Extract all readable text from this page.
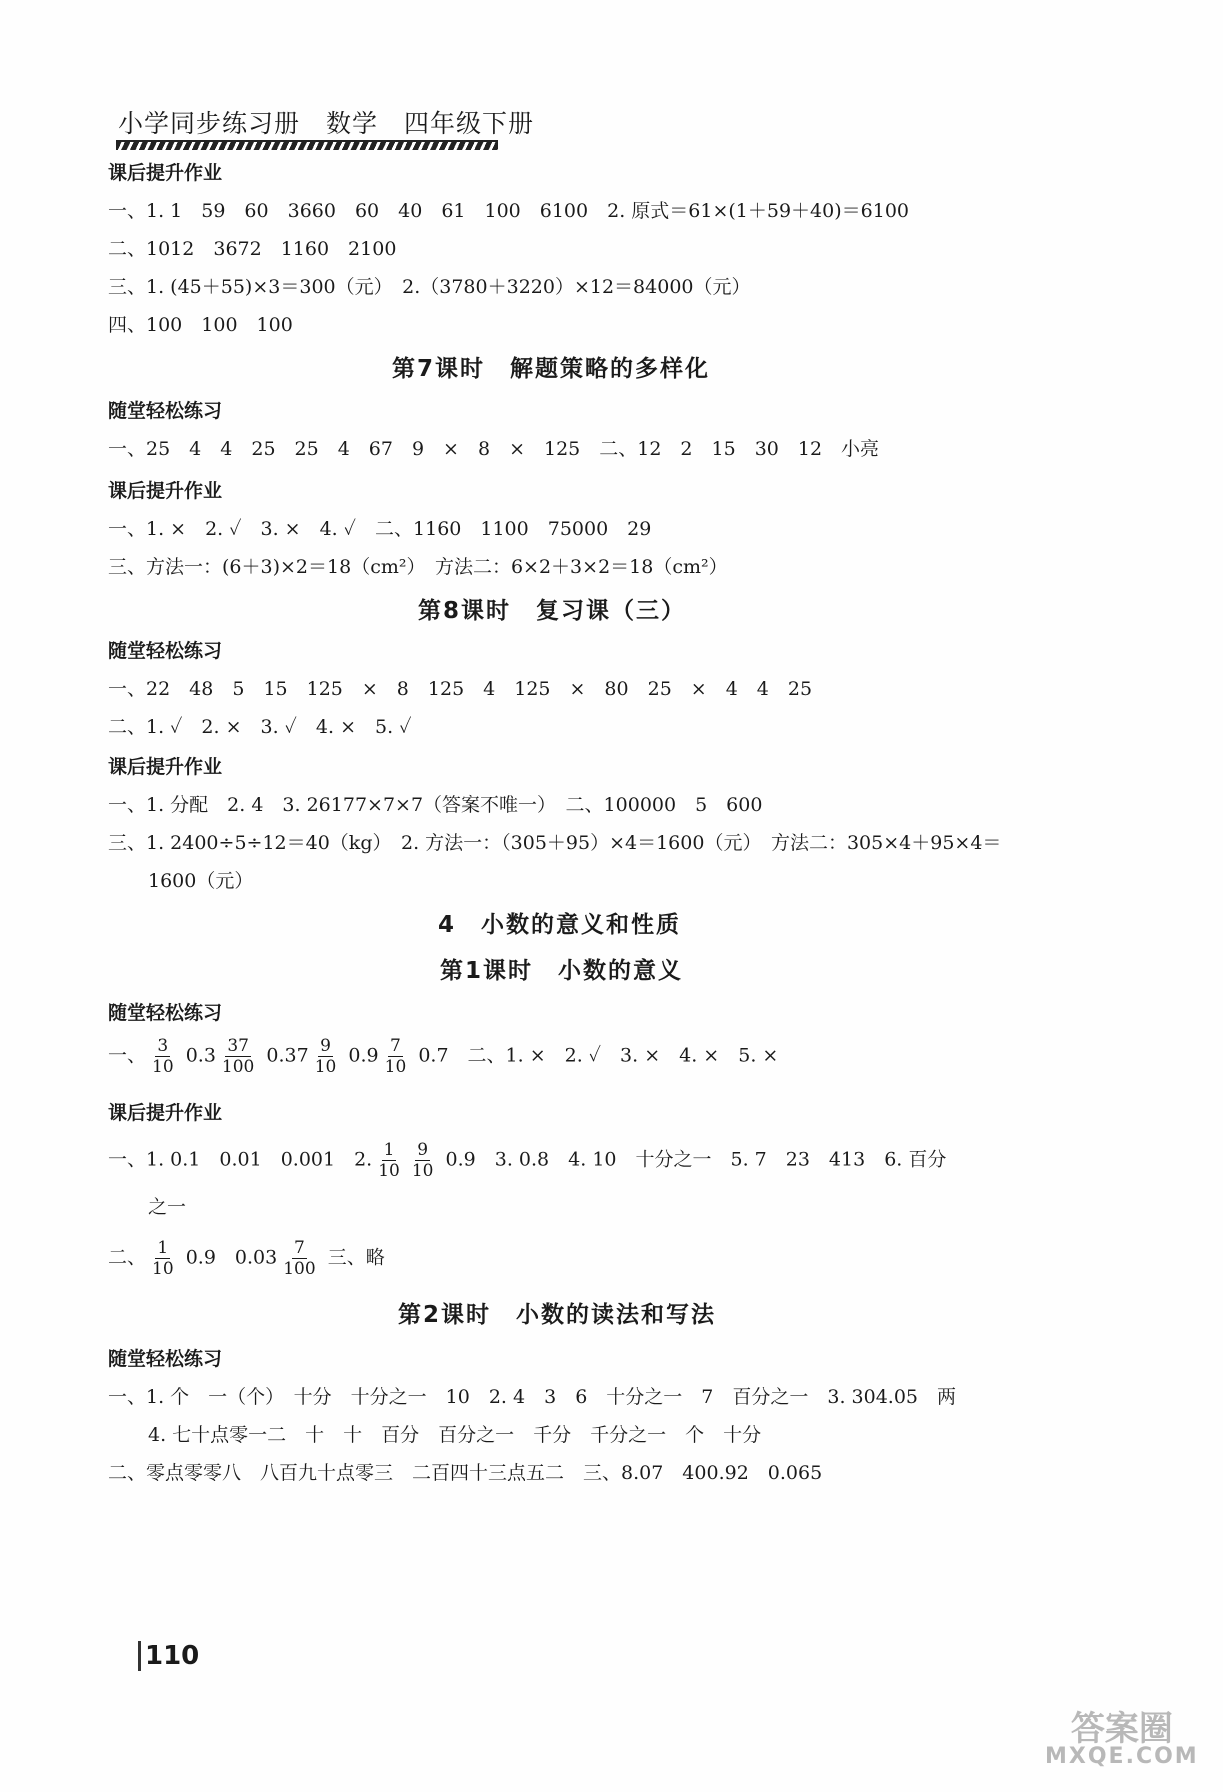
小学同步练习册　数学　四年级下册
课后提升作业
一、1. 1　59　60　3660　60　40　61　100　6100　2. 原式＝61×(1＋59＋40)＝6100
二、1012　3672　1160　2100
三、1. (45＋55)×3＝300（元）　2.（3780＋3220）×12＝84000（元）
四、100　100　100
第7课时　解题策略的多样化
随堂轻松练习
一、25　4　4　25　25　4　67　9　×　8　×　125　二、12　2　15　30　12　小亮
课后提升作业
一、1. ×　2. ✓　3. ×　4. ✓　二、1160　1100　75000　29
三、方法一：(6＋3)×2＝18（cm²）　方法二：6×2＋3×2＝18（cm²）
第8课时　复习课（三）
随堂轻松练习
一、22　48　5　15　125　×　8　125　4　125　×　80　25　×　4　4　25
二、1. ✓　2. ×　3. ✓　4. ×　5. ✓
课后提升作业
一、1. 分配　2. 4　3. 26177×7×7（答案不唯一）　二、100000　5　600
三、1. 2400÷5÷12＝40（kg）　2. 方法一：（305＋95）×4＝1600（元）　方法二：305×4＋95×4＝
1600（元）
4　小数的意义和性质
第1课时　小数的意义
随堂轻松练习
一、 $\frac{3}{10} 0.3 \frac{37}{100} 0.37 \frac{9}{10} 0.9 \frac{7}{10} 0.7$　二、1. ×　2. ✓　3. ×　4. ×　5. ×
课后提升作业
一、1. 0.1　0.01　0.001　2. $\frac{1}{10} \frac{9}{10} 0.9$　3. 0.8　4. 10　十分之一　5. 7　23　413　6. 百分
之一
二、 $\frac{1}{10} 0.9$　$0.03 \frac{7}{100}$ 三、略
第2课时　小数的读法和写法
随堂轻松练习
一、1. 个　一（个）　十分　十分之一　10　2. 4　3　6　十分之一　7　百分之一　3. 304.05　两
4. 七十点零一二　十　十　百分　百分之一　千分　千分之一　个　十分
二、零点零零八　八百九十点零三　二百四十三点五二　三、8.07　400.92　0.065
110
答案圈
MXQE.COM
